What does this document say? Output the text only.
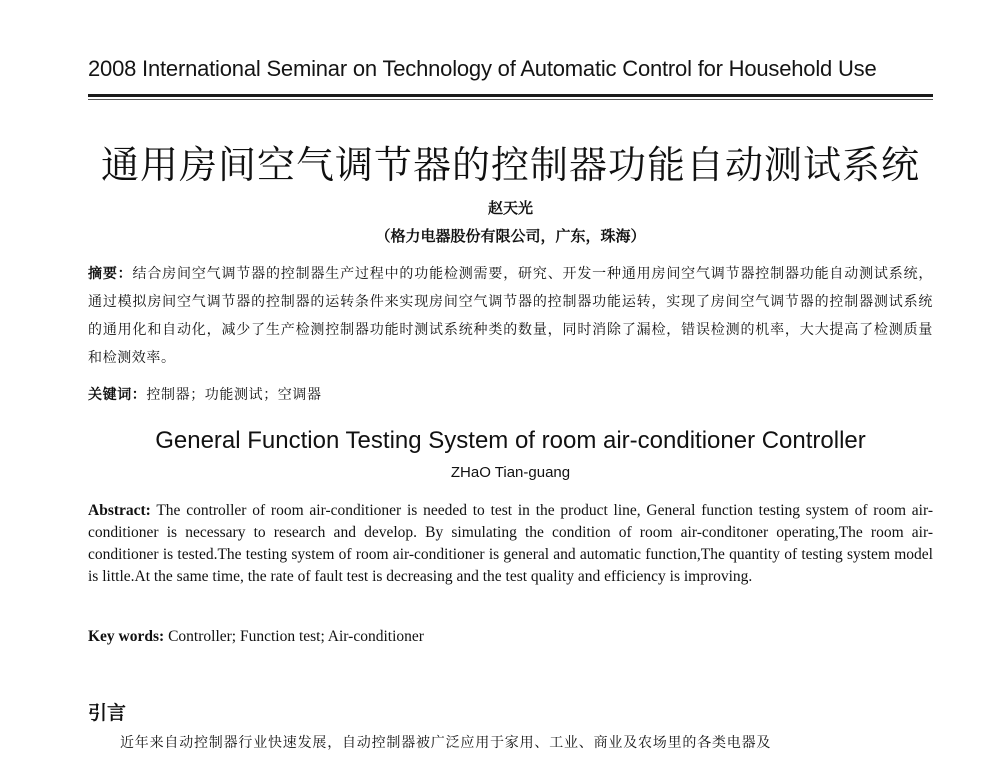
2008 International Seminar on Technology of Automatic Control for Household Use
通用房间空气调节器的控制器功能自动测试系统
赵天光
（格力电器股份有限公司，广东，珠海）
摘要：结合房间空气调节器的控制器生产过程中的功能检测需要，研究、开发一种通用房间空气调节器控制器功能自动测试系统，通过模拟房间空气调节器的控制器的运转条件来实现房间空气调节器的控制器功能运转，实现了房间空气调节器的控制器测试系统的通用化和自动化，减少了生产检测控制器功能时测试系统种类的数量，同时消除了漏检，错误检测的机率，大大提高了检测质量和检测效率。
关键词：控制器；功能测试；空调器
General Function Testing System of room air-conditioner Controller
ZHaO Tian-guang
Abstract: The controller of room air-conditioner is needed to test in the product line, General function testing system of room air-conditioner is necessary to research and develop. By simulating the condition of room air-conditoner operating,The room air-conditioner is tested.The testing system of room air-conditioner is general and automatic function,The quantity of testing system model is little.At the same time, the rate of fault test is decreasing and the test quality and efficiency is improving.
Key words: Controller; Function test; Air-conditioner
引言
近年来自动控制器行业快速发展，自动控制器被广泛应用于家用、工业、商业及农场里的各类电器及
